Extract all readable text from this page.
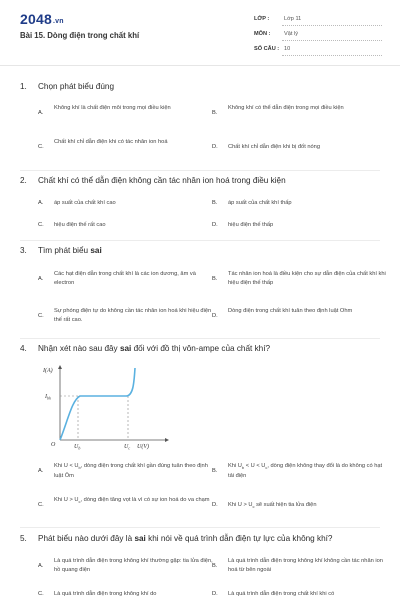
2048.vn
Bài 15. Dòng điện trong chất khí
LỚP :	Lớp 11
MÔN :	Vật lý
SỐ CÂU : 10
1. Chọn phát biểu đúng
A.
Không khí là chất điện môi trong mọi điều kiện
B.
Không khí có thể dẫn điện trong mọi điều kiện
C.
Chất khí chỉ dẫn điện khi có tác nhân ion hoá
D.	Chất khí chỉ dẫn điện khi bị đốt nóng
2. Chất khí có thể dẫn điện không cần tác nhân ion hoá trong điều kiện
A.	áp suất của chất khí cao	B.	áp suất của chất khí thấp
C.	hiệu điện thế rất cao	D.	hiệu điện thế thấp
3. Tìm phát biểu sai
A.
Các hạt điện dẫn trong chất khí là các ion dương, âm và electron
B.
Tác nhân ion hoá là điều kiện cho sự dẫn điện của chất khí khi hiệu điện thế thấp
C.
Sự phóng điện tự do không cần tác nhân ion hoá khi hiệu điện thế rất cao.
D.
Dòng điện trong chất khí tuân theo định luật Ohm
4. Nhận xét nào sau đây sai đối với đồ thị vôn-ampe của chất khí?
I(A)
$I_{bh}$
O	$U_b$	$U_c$ U(V)
A.
Khi $U < U_b$, dòng điện trong chất khí gần đúng tuân theo định luật Ôm
B.
Khi $U_b < U < U_c$, dòng điện không thay đổi là do không có hạt tải điện
C.
Khi $U > U_c$, dòng điện tăng vọt là vì có sự ion hoá do va chạm
D.	Khi $U > U_c$ sẽ xuất hiện tia lửa điện
5. Phát biểu nào dưới đây là sai khi nói về quá trình dẫn điện tự lực của không khí?
A.
Là quá trình dẫn điện trong không khí thường gặp: tia lửa điện, hồ quang điện
B.
Là quá trình dẫn điện trong không khí không cần tác nhân ion hoá từ bên ngoài
C.	Là quá trình dẫn điện trong không khí do	D.	Là quá trình dẫn điện trong chất khí khi có
